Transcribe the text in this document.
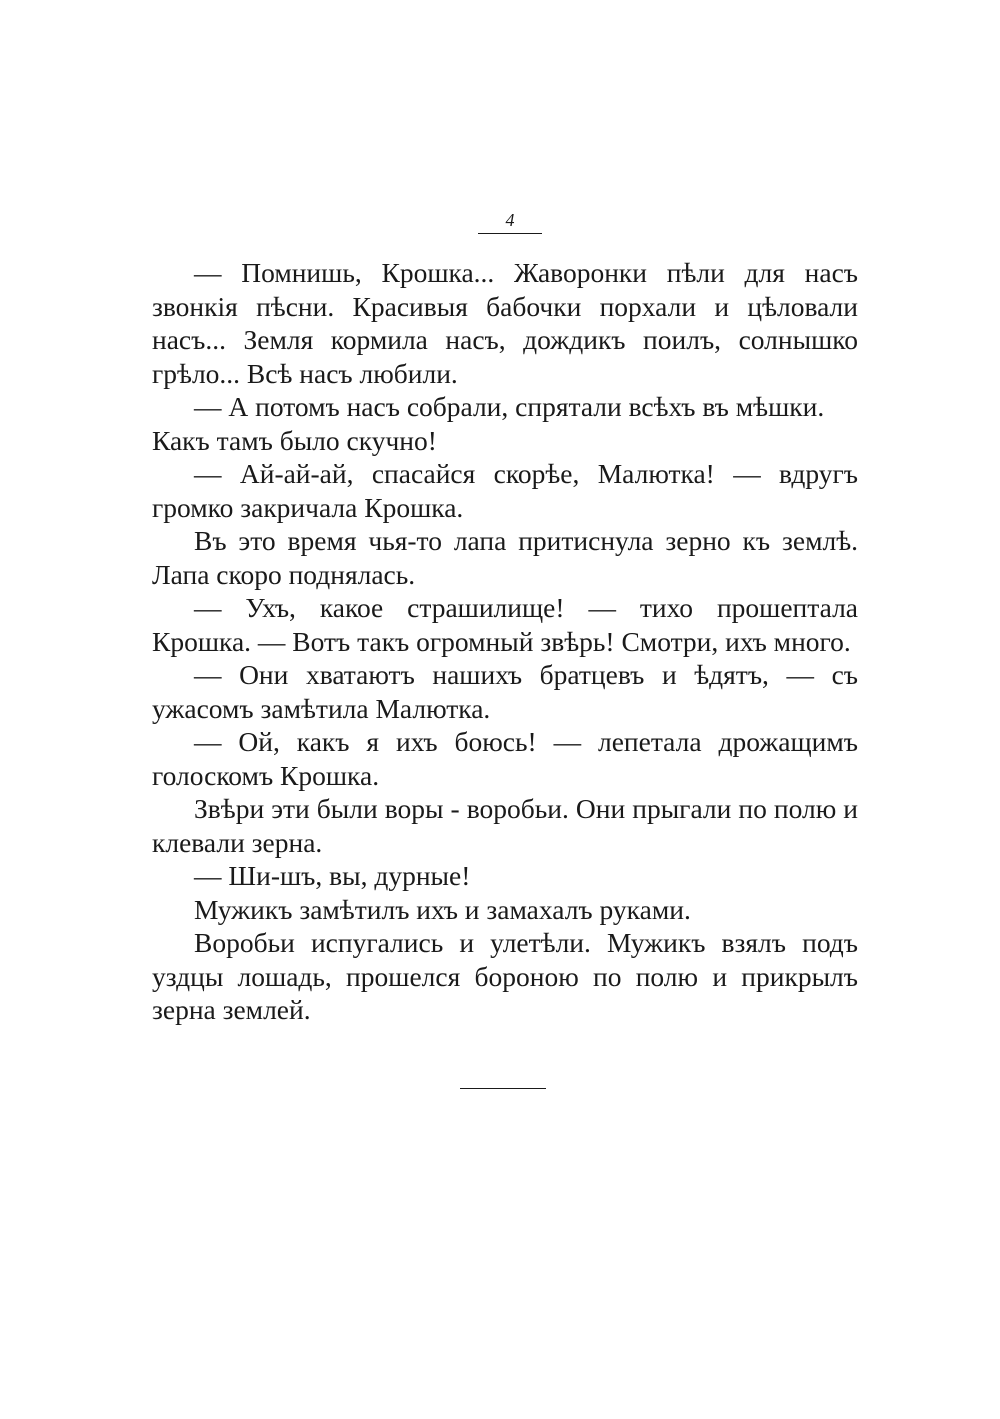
4

— Помнишь, Крошка... Жаворонки пѣли для насъ звонкія пѣсни. Красивыя бабочки порхали и цѣловали насъ... Земля кормила насъ, дождикъ поилъ, солнышко грѣло... Всѣ насъ любили.

— А потомъ насъ собрали, спрятали всѣхъ въ мѣшки. Какъ тамъ было скучно!

— Ай-ай-ай, спасайся скорѣе, Малютка! — вдругъ громко закричала Крошка.

Въ это время чья-то лапа притиснула зерно къ землѣ. Лапа скоро поднялась.

— Ухъ, какое страшилище! — тихо прошептала Крошка. — Вотъ такъ огромный звѣрь! Смотри, ихъ много.

— Они хватаютъ нашихъ братцевъ и ѣдятъ, — съ ужасомъ замѣтила Малютка.

— Ой, какъ я ихъ боюсь! — лепетала дрожащимъ голоскомъ Крошка.

Звѣри эти были воры - воробьи. Они прыгали по полю и клевали зерна.

— Ши-шъ, вы, дурные!

Мужикъ замѣтилъ ихъ и замахалъ руками.

Воробьи испугались и улетѣли. Мужикъ взялъ подъ уздцы лошадь, прошелся бороною по полю и прикрылъ зерна землей.
